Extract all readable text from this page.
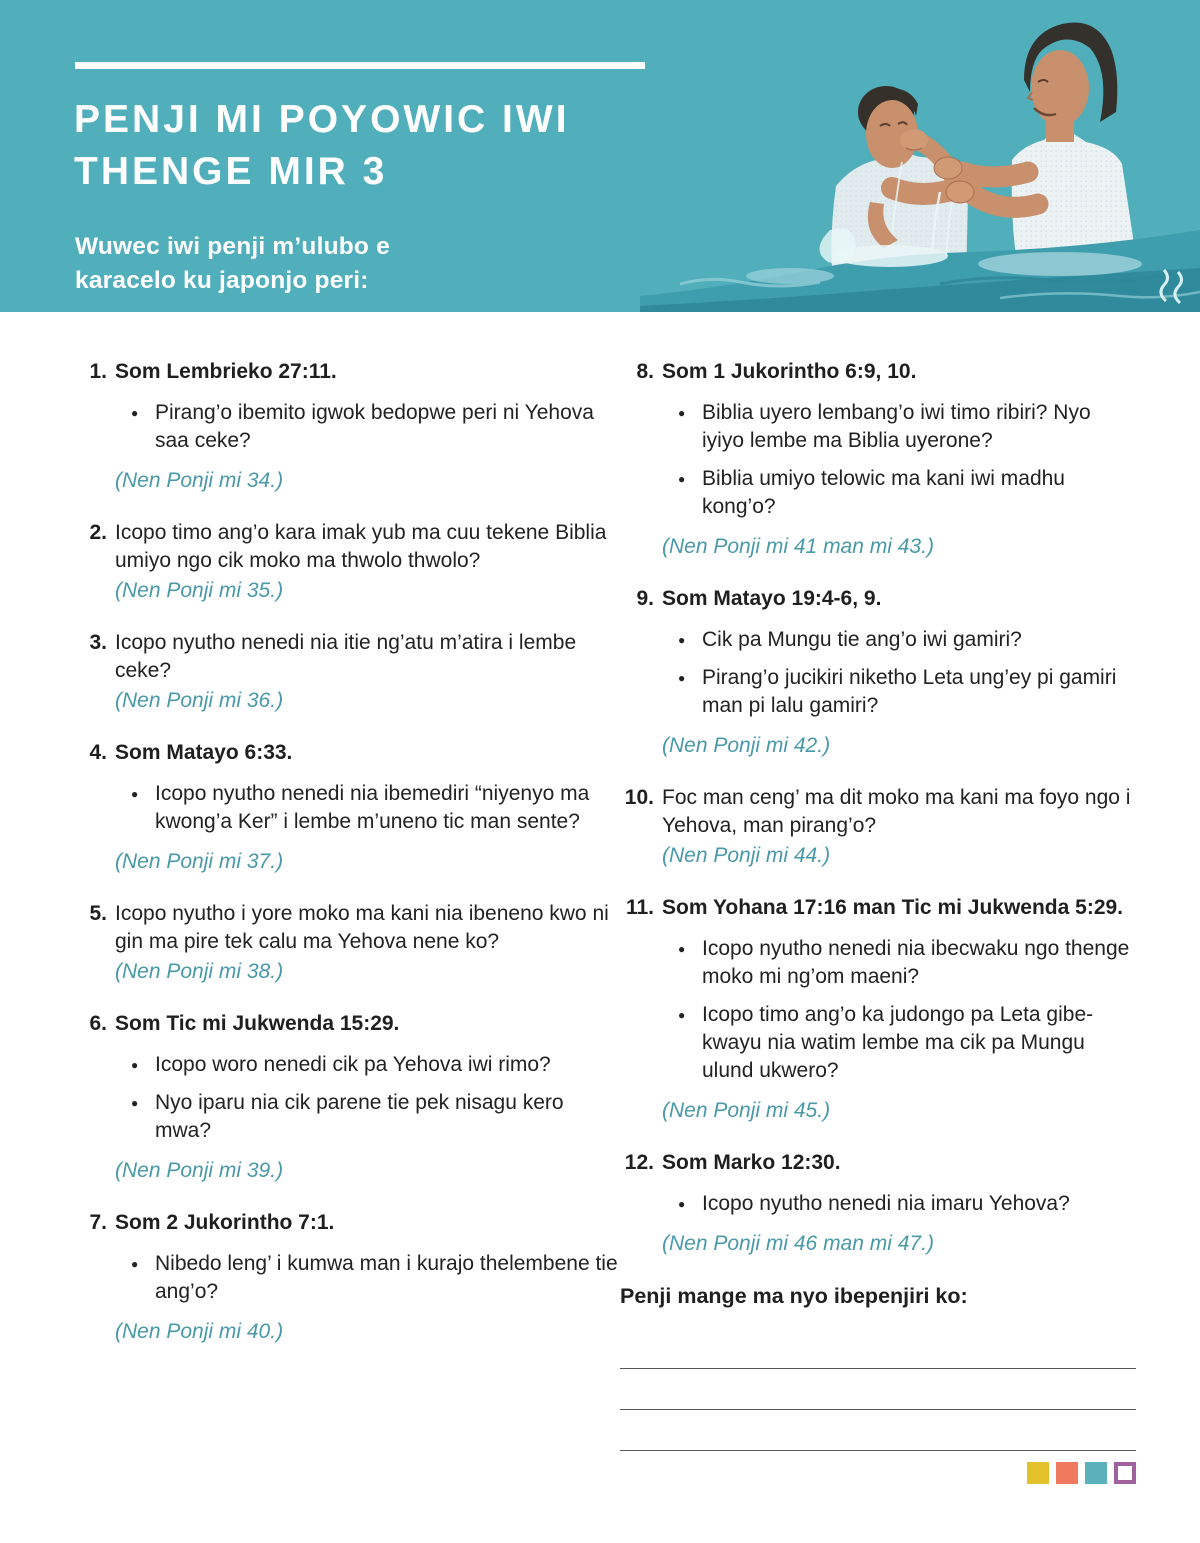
PENJI MI POYOWIC IWI
THENGE MIR 3

Wuwec iwi penji m’ulubo e
karacelo ku japonjo peri:

1. Som Lembrieko 27:11.
● Pirang’o ibemito igwok bedopwe peri ni Yehova saa ceke?
(Nen Ponji mi 34.)
2. Icopo timo ang’o kara imak yub ma cuu tekene Biblia umiyo ngo cik moko ma thwolo thwolo?
(Nen Ponji mi 35.)
3. Icopo nyutho nenedi nia itie ng’atu m’atira i lembe ceke?
(Nen Ponji mi 36.)
4. Som Matayo 6:33.
● Icopo nyutho nenedi nia ibemediri “niyenyo ma kwong’a Ker” i lembe m’uneno tic man sente?
(Nen Ponji mi 37.)
5. Icopo nyutho i yore moko ma kani nia ibeneno kwo ni gin ma pire tek calu ma Yehova nene ko?
(Nen Ponji mi 38.)
6. Som Tic mi Jukwenda 15:29.
● Icopo woro nenedi cik pa Yehova iwi rimo?
● Nyo iparu nia cik parene tie pek nisagu kero mwa?
(Nen Ponji mi 39.)
7. Som 2 Jukorintho 7:1.
● Nibedo leng’ i kumwa man i kurajo thelembene tie ang’o?
(Nen Ponji mi 40.)
8. Som 1 Jukorintho 6:9, 10.
● Biblia uyero lembang’o iwi timo ribiri? Nyo iyiyo lembe ma Biblia uyerone?
● Biblia umiyo telowic ma kani iwi madhu kong’o?
(Nen Ponji mi 41 man mi 43.)
9. Som Matayo 19:4-6, 9.
● Cik pa Mungu tie ang’o iwi gamiri?
● Pirang’o jucikiri niketho Leta ung’ey pi gamiri man pi lalu gamiri?
(Nen Ponji mi 42.)
10. Foc man ceng’ ma dit moko ma kani ma foyo ngo i Yehova, man pirang’o?
(Nen Ponji mi 44.)
11. Som Yohana 17:16 man Tic mi Jukwenda 5:29.
● Icopo nyutho nenedi nia ibecwaku ngo thenge moko mi ng’om maeni?
● Icopo timo ang’o ka judongo pa Leta gibekwayu nia watim lembe ma cik pa Mungu ulund ukwero?
(Nen Ponji mi 45.)
12. Som Marko 12:30.
● Icopo nyutho nenedi nia imaru Yehova?
(Nen Ponji mi 46 man mi 47.)

Penji mange ma nyo ibepenjiri ko:
